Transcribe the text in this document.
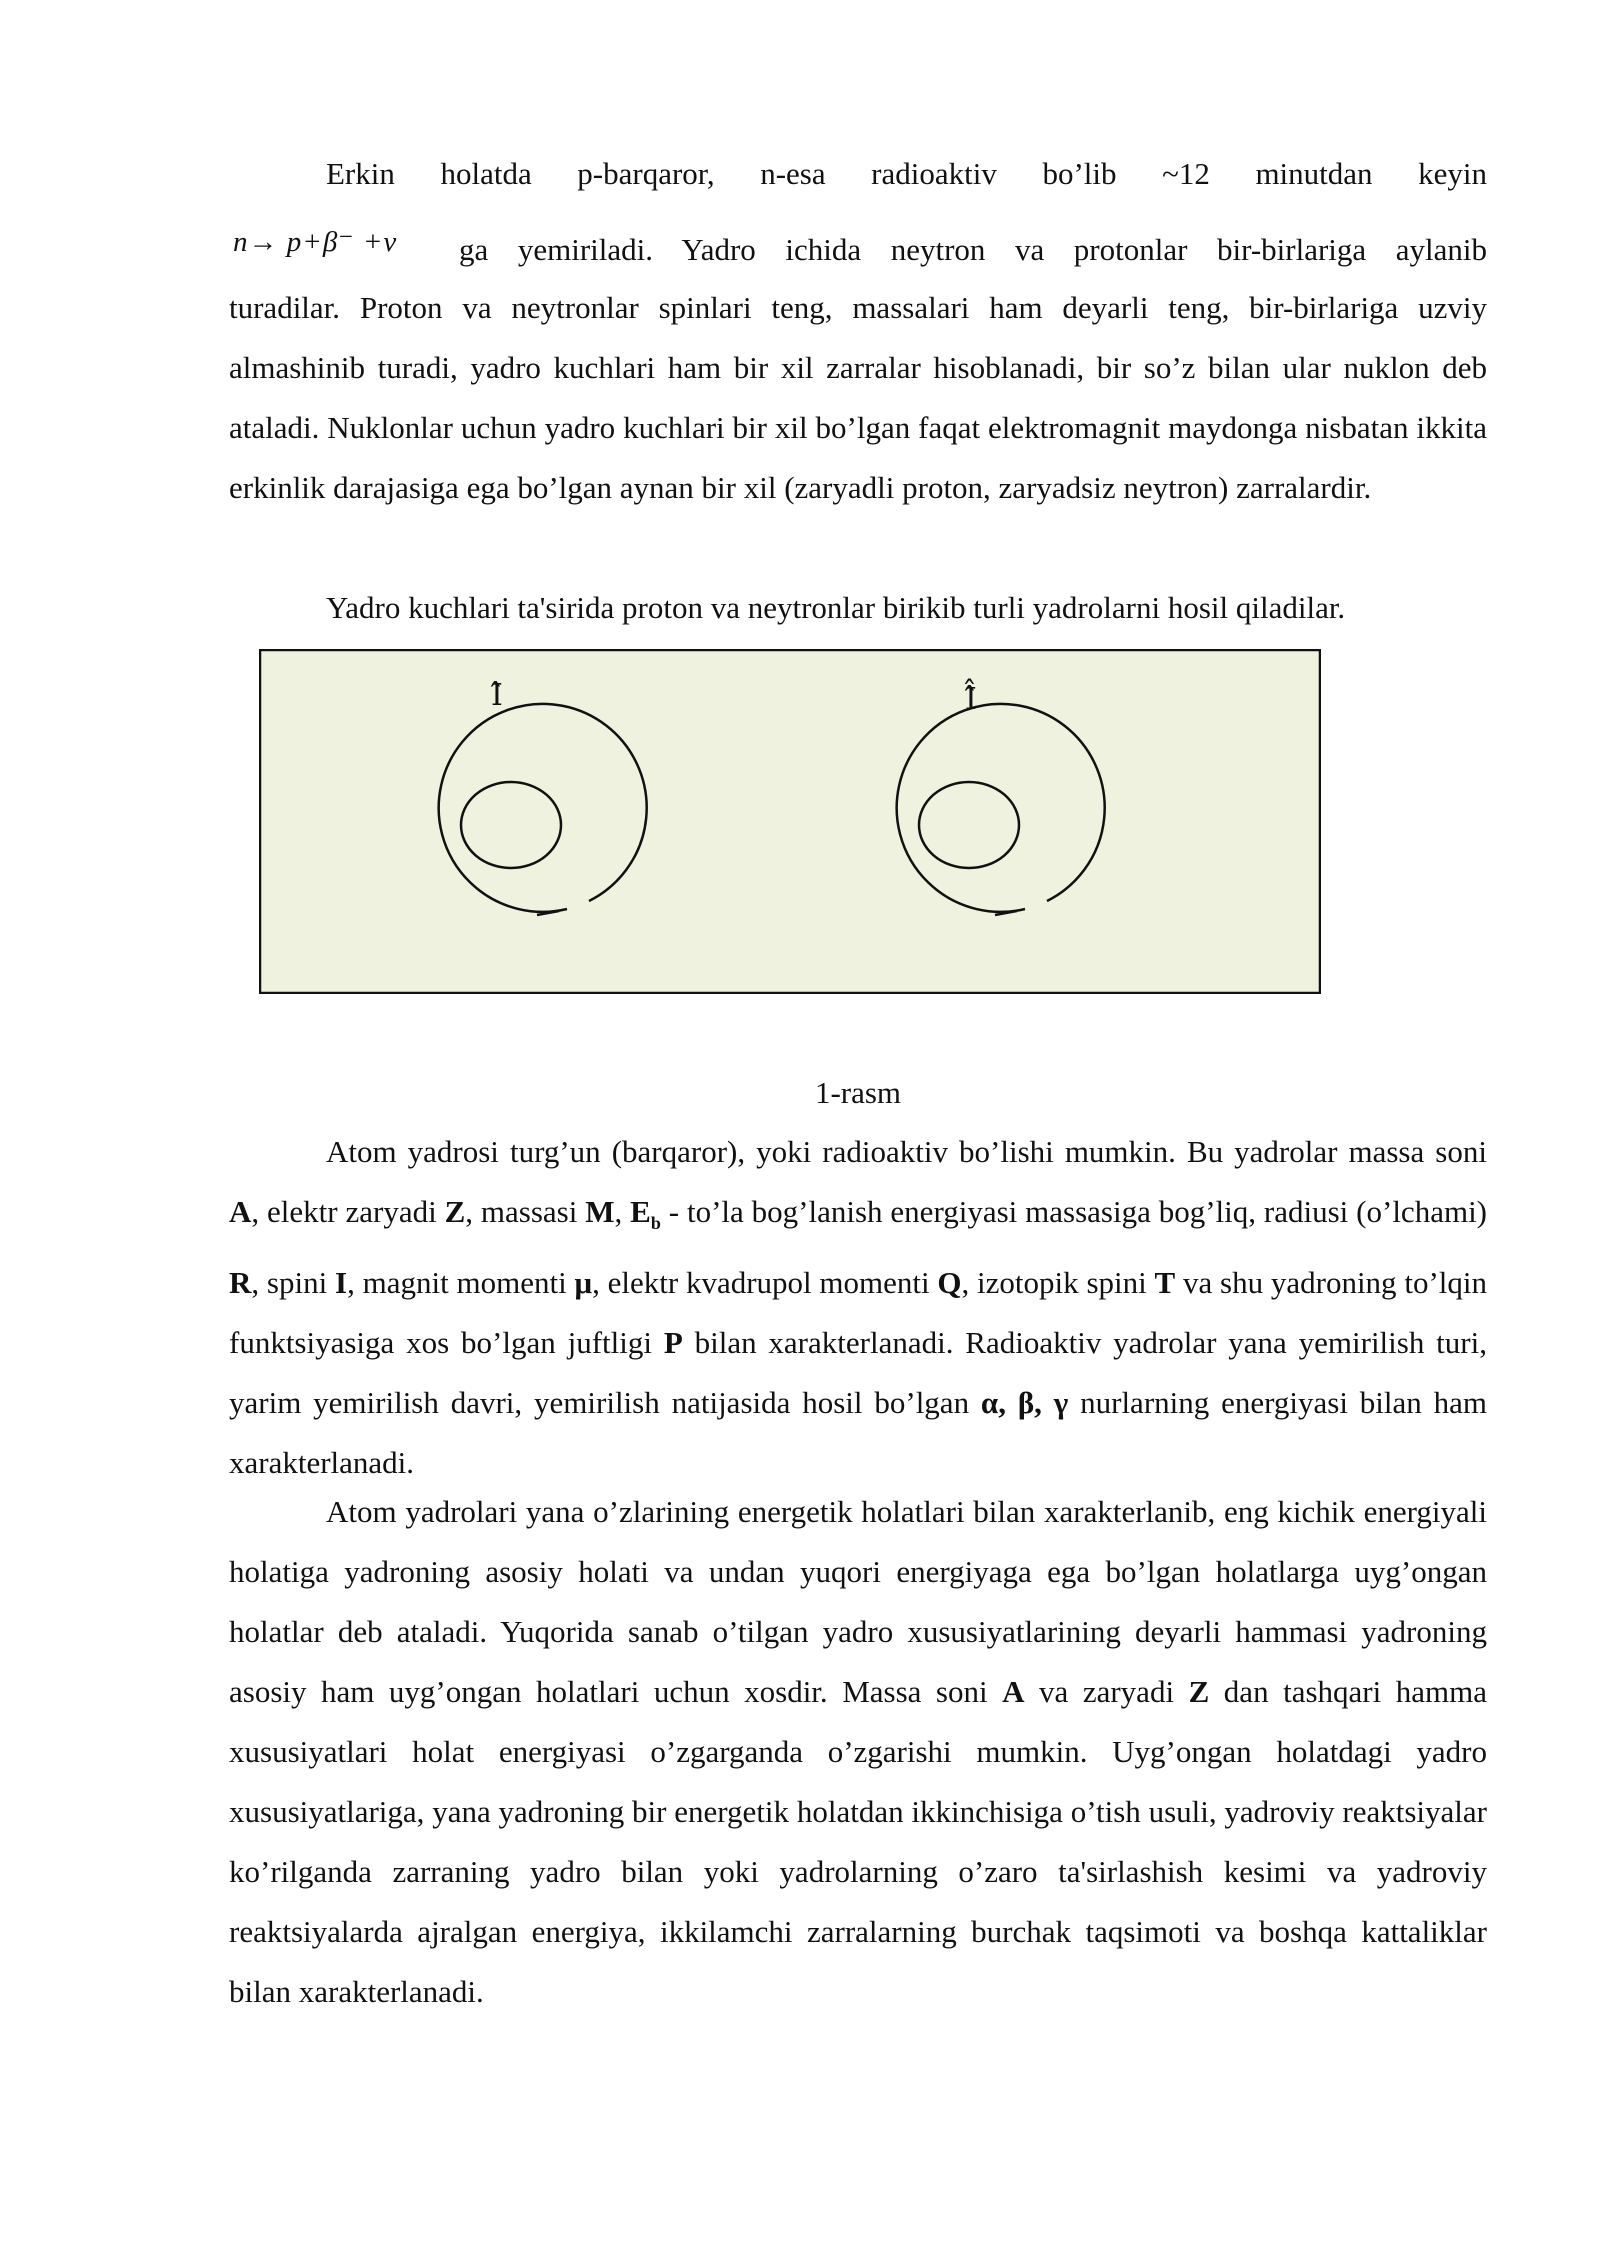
Erkin holatda p-barqaror, n-esa radioaktiv bo’lib ~12 minutdan keyin

n→ p+β⁻ +ν ga yemiriladi. Yadro ichida neytron va protonlar bir-birlariga aylanib

turadilar. Proton va neytronlar spinlari teng, massalari ham deyarli teng, bir-birlariga uzviy almashinib turadi, yadro kuchlari ham bir xil zarralar hisoblanadi, bir so’z bilan ular nuklon deb ataladi. Nuklonlar uchun yadro kuchlari bir xil bo’lgan faqat elektromagnit maydonga nisbatan ikkita erkinlik darajasiga ega bo’lgan aynan bir xil (zaryadli proton, zaryadsiz neytron) zarralardir.

Yadro kuchlari ta'sirida proton va neytronlar birikib turli yadrolarni hosil qiladilar.

Ι̂	Ι̂̂
1-rasm

Atom yadrosi turg’un (barqaror), yoki radioaktiv bo’lishi mumkin. Bu yadrolar massa soni A, elektr zaryadi Z, massasi M, $E_b$ - to’la bog’lanish energiyasi massasiga bog’liq, radiusi (o’lchami) R, spini I, magnit momenti μ, elektr kvadrupol momenti Q, izotopik spini T va shu yadroning to’lqin funktsiyasiga xos bo’lgan juftligi P bilan xarakterlanadi. Radioaktiv yadrolar yana yemirilish turi, yarim yemirilish davri, yemirilish natijasida hosil bo’lgan α, β, γ nurlarning energiyasi bilan ham xarakterlanadi.

Atom yadrolari yana o’zlarining energetik holatlari bilan xarakterlanib, eng kichik energiyali holatiga yadroning asosiy holati va undan yuqori energiyaga ega bo’lgan holatlarga uyg’ongan holatlar deb ataladi. Yuqorida sanab o’tilgan yadro xususiyatlarining deyarli hammasi yadroning asosiy ham uyg’ongan holatlari uchun xosdir. Massa soni A va zaryadi Z dan tashqari hamma xususiyatlari holat energiyasi o’zgarganda o’zgarishi mumkin. Uyg’ongan holatdagi yadro xususiyatlariga, yana yadroning bir energetik holatdan ikkinchisiga o’tish usuli, yadroviy reaktsiyalar ko’rilganda zarraning yadro bilan yoki yadrolarning o’zaro ta'sirlashish kesimi va yadroviy reaktsiyalarda ajralgan energiya, ikkilamchi zarralarning burchak taqsimoti va boshqa kattaliklar bilan xarakterlanadi.
